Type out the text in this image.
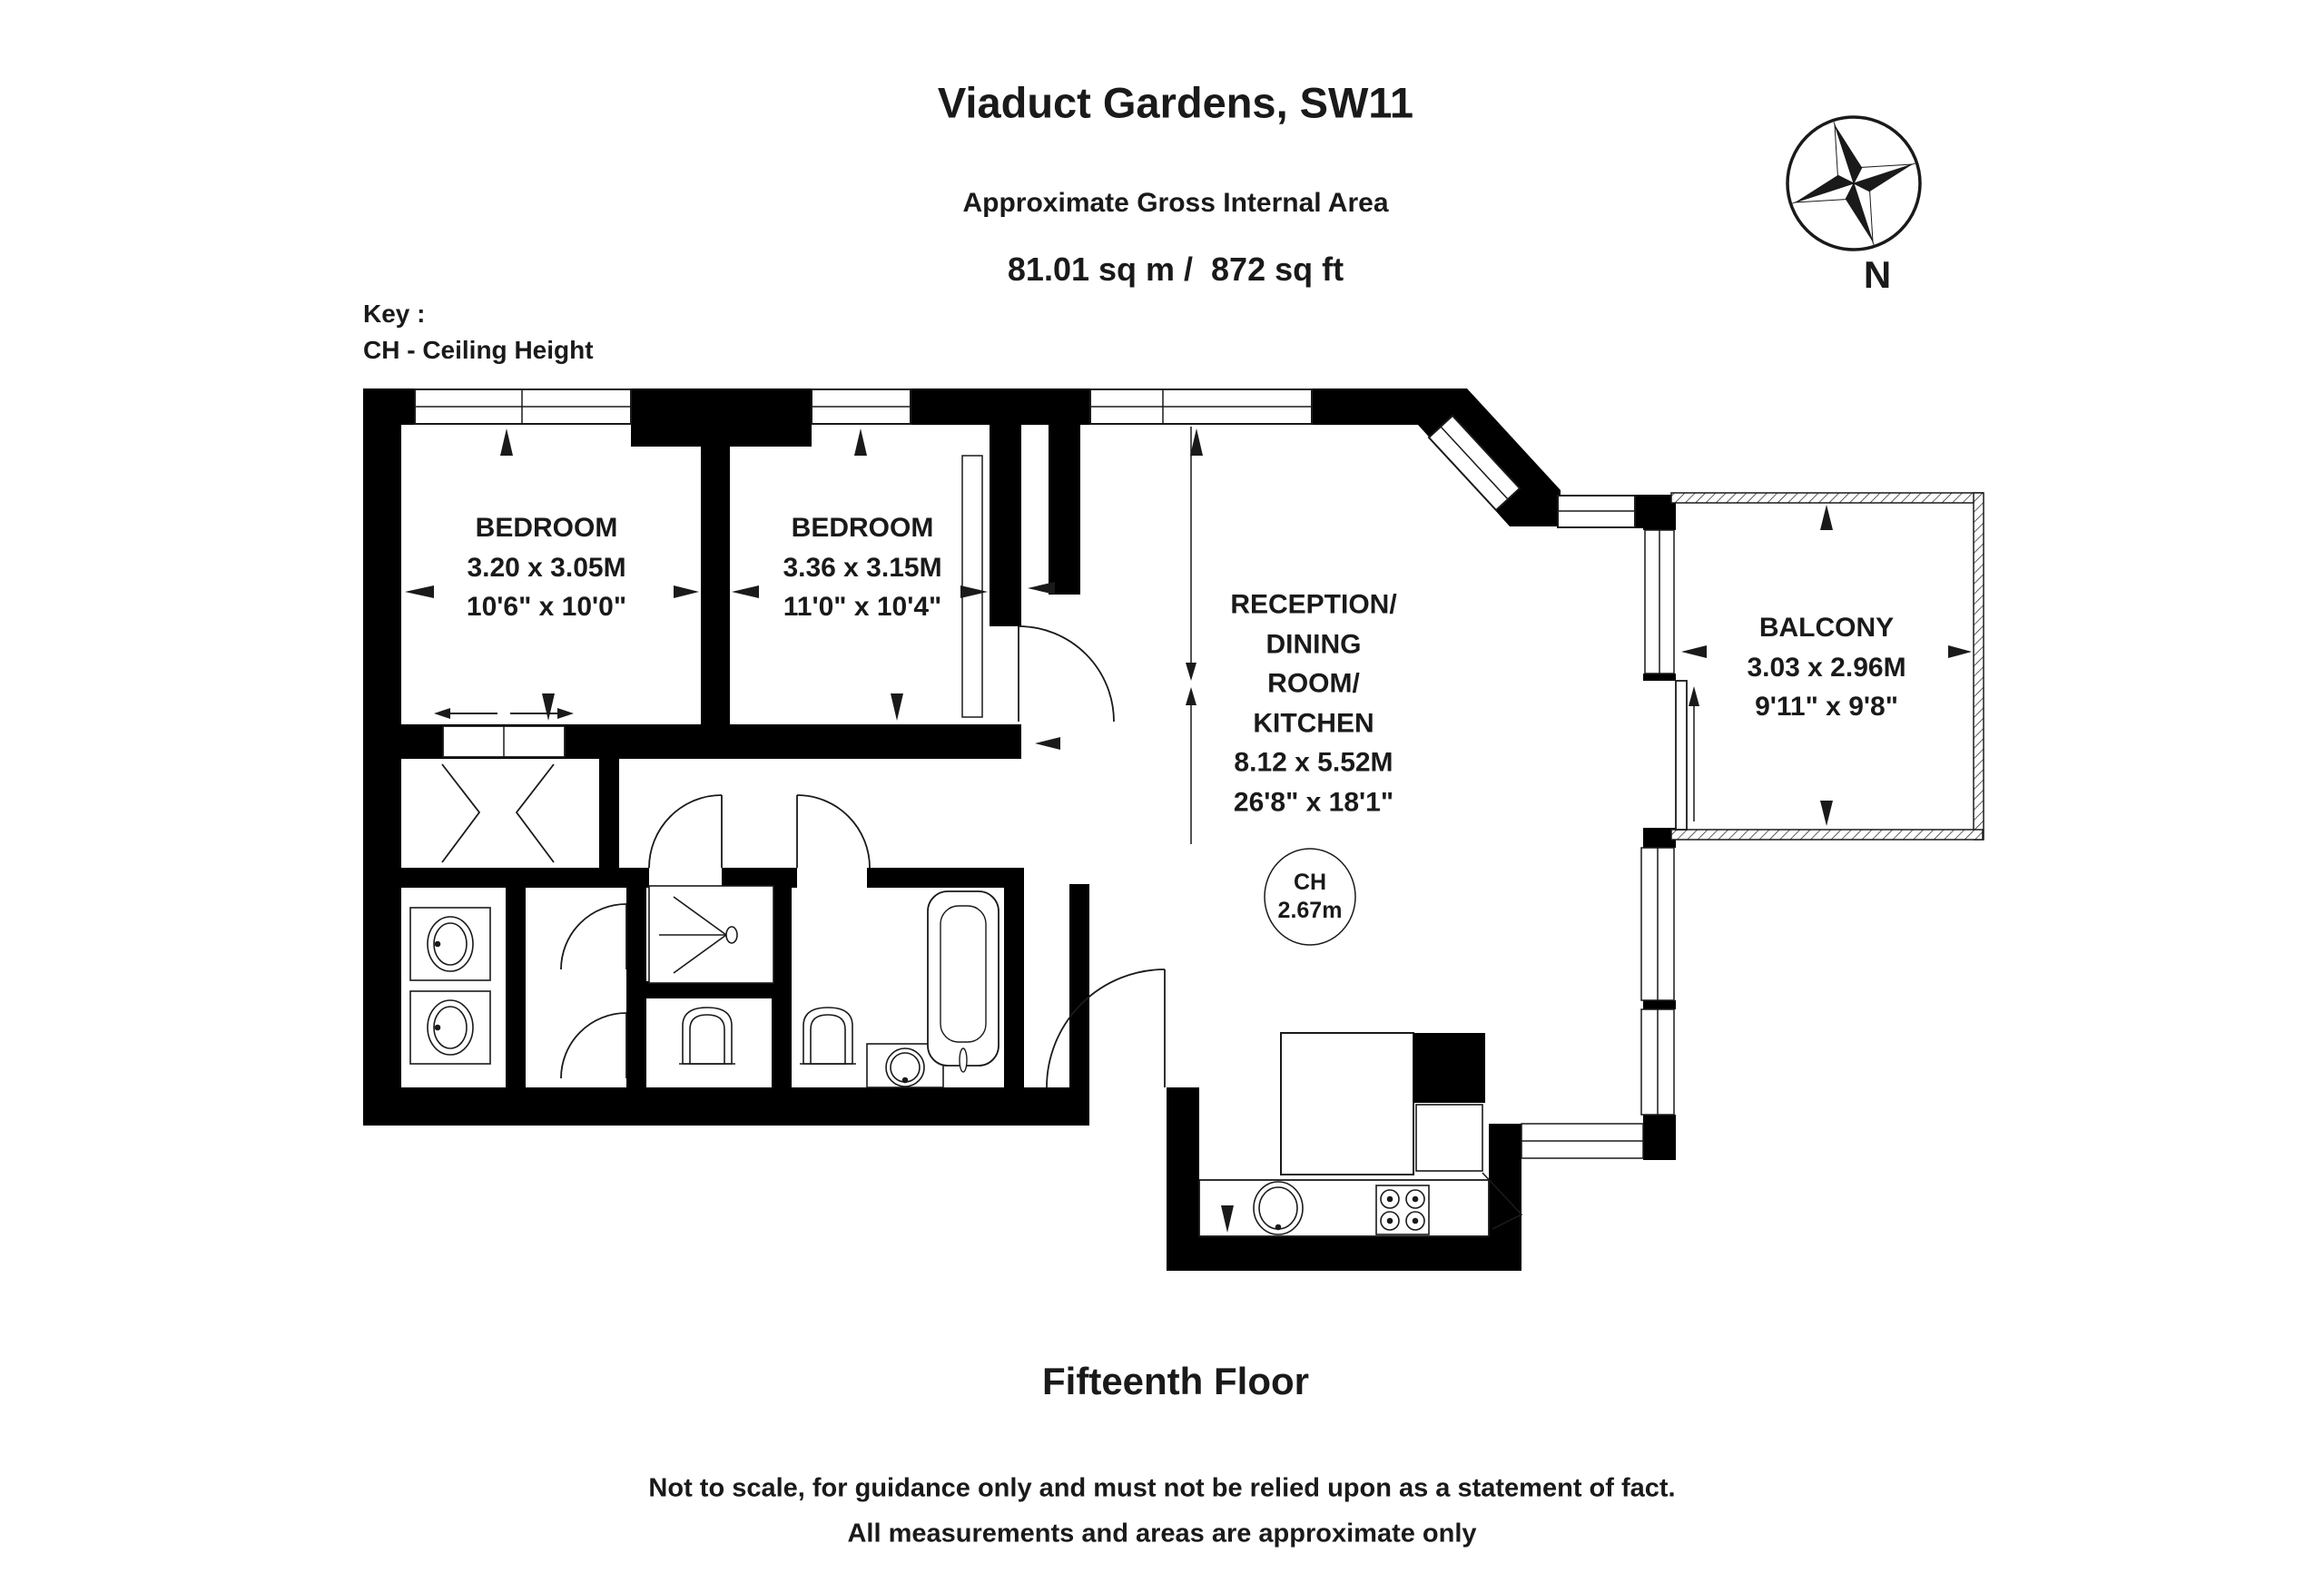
Viaduct Gardens, SW11
Approximate Gross Internal Area
81.01 sq m /  872 sq ft
Key :
CH - Ceiling Height
N
BEDROOM
3.20 x 3.05M
10'6" x 10'0"
BEDROOM
3.36 x 3.15M
11'0" x 10'4"	RECEPTION/
DINING
ROOM/
KITCHEN
8.12 x 5.52M
26'8" x 18'1"
BALCONY
3.03 x 2.96M
9'11" x 9'8"
CH
2.67m
Fifteenth Floor
Not to scale, for guidance only and must not be relied upon as a statement of fact.
All measurements and areas are approximate only
